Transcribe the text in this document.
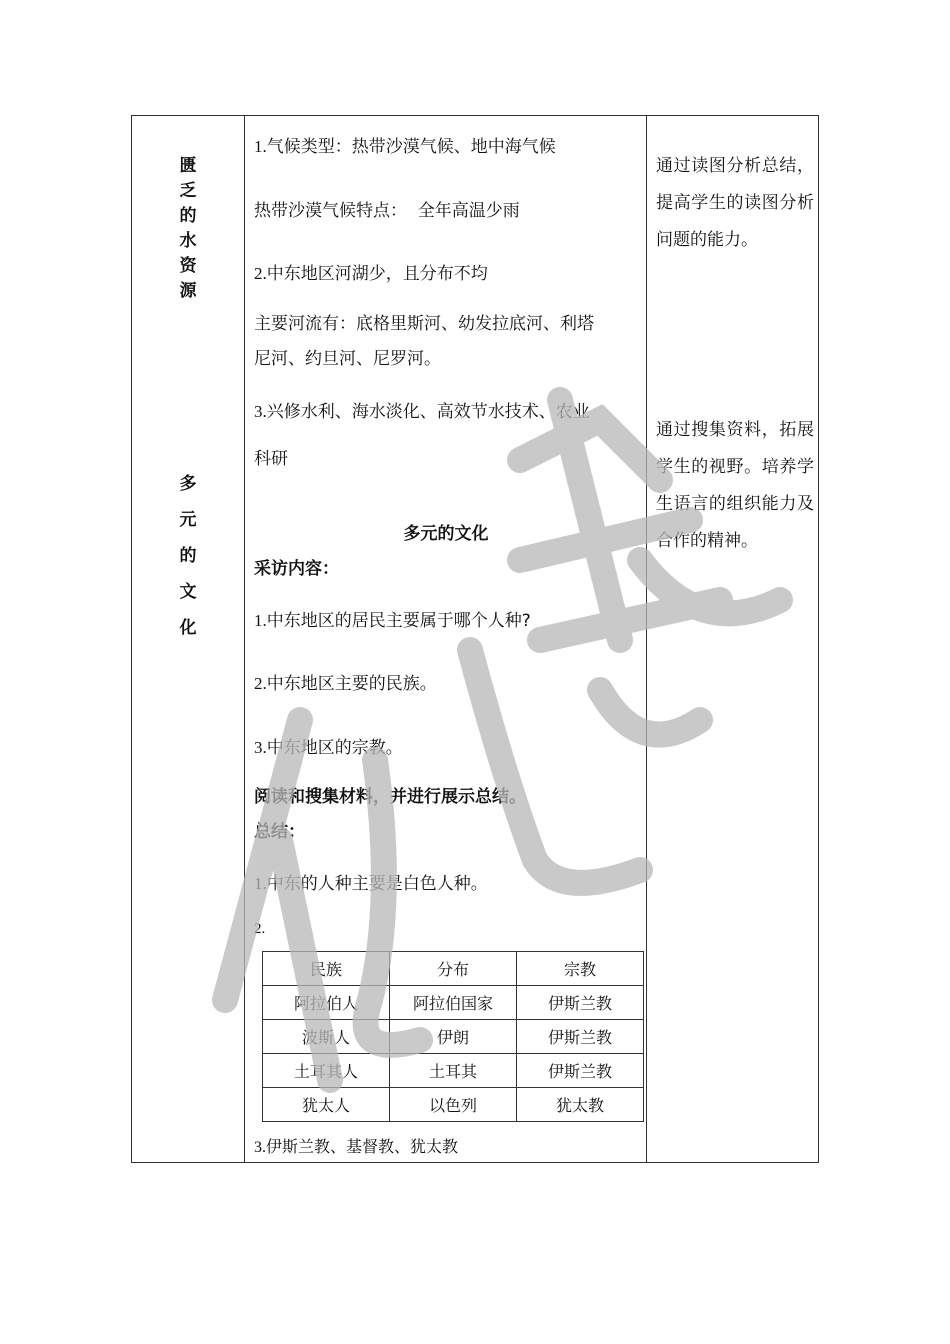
匮
乏
的
水
资
源
多
元
的
文
化
1.气候类型：热带沙漠气候、地中海气候
热带沙漠气候特点：  全年高温少雨
2.中东地区河湖少，且分布不均
主要河流有：底格里斯河、幼发拉底河、利塔
尼河、约旦河、尼罗河。
3.兴修水利、海水淡化、高效节水技术、农业
科研
多元的文化
采访内容：
1.中东地区的居民主要属于哪个人种?
2.中东地区主要的民族。
3.中东地区的宗教。
阅读和搜集材料，并进行展示总结。
总结：
1.中东的人种主要是白色人种。
2.
3.伊斯兰教、基督教、犹太教
通过读图分析总结，提高学生的读图分析问题的能力。
通过搜集资料，拓展学生的视野。培养学生语言的组织能力及合作的精神。
民族	分布	宗教
阿拉伯人	阿拉伯国家	伊斯兰教
波斯人	伊朗	伊斯兰教
土耳其人	土耳其	伊斯兰教
犹太人	以色列	犹太教
